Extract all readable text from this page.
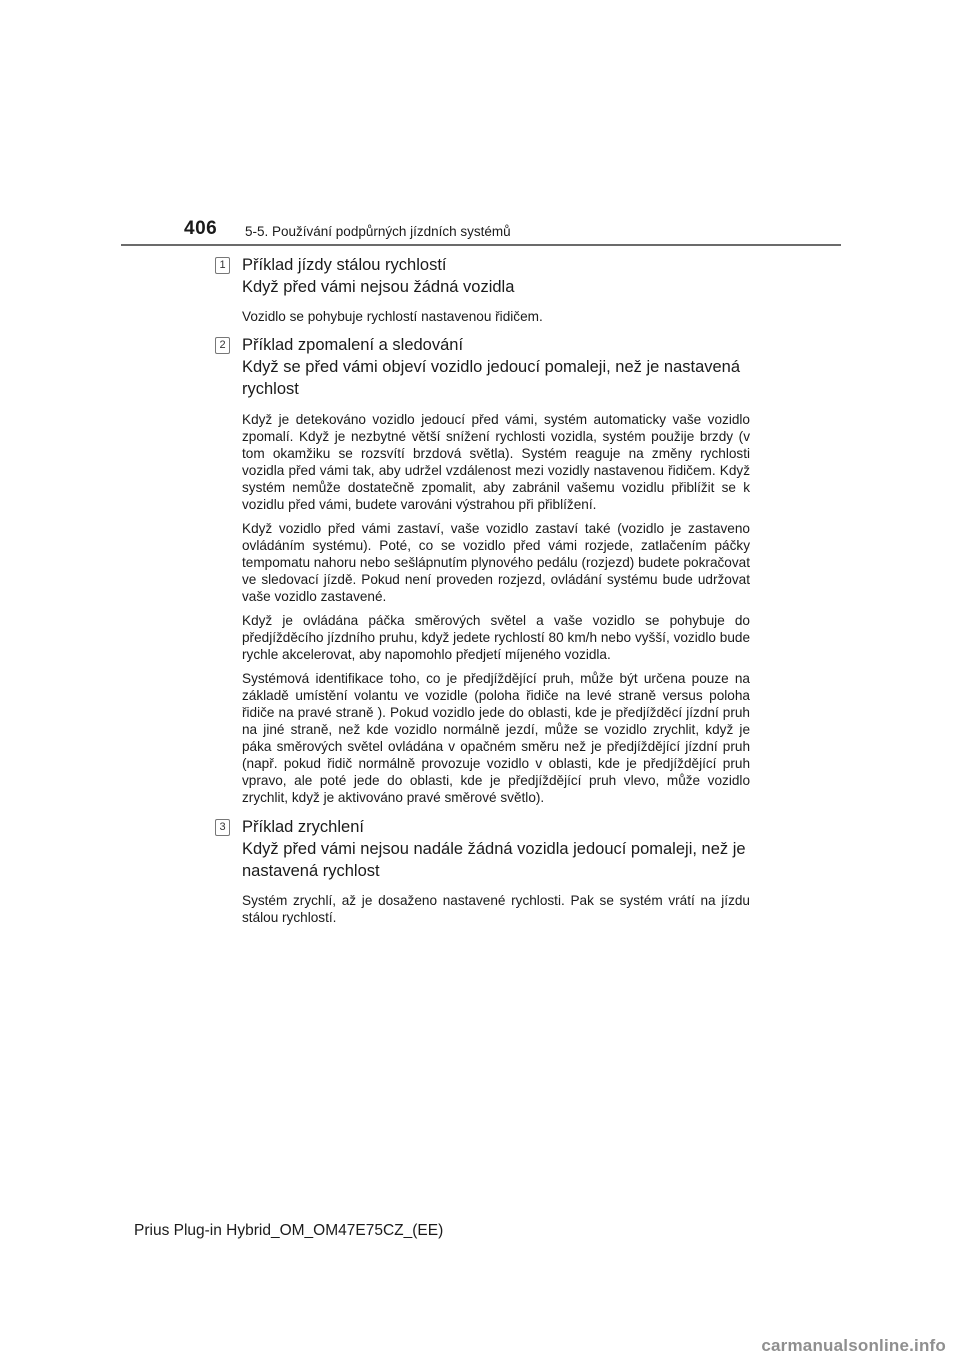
406 5-5. Používání podpůrných jízdních systémů
1 Příklad jízdy stálou rychlostí

Když před vámi nejsou žádná vozidla

Vozidlo se pohybuje rychlostí nastavenou řidičem.

2 Příklad zpomalení a sledování

Když se před vámi objeví vozidlo jedoucí pomaleji, než je nastavená rychlost

Když je detekováno vozidlo jedoucí před vámi, systém automaticky vaše vozidlo zpomalí. Když je nezbytné větší snížení rychlosti vozidla, systém použije brzdy (v tom okamžiku se rozsvítí brzdová světla). Systém reaguje na změny rychlosti vozidla před vámi tak, aby udržel vzdálenost mezi vozidly nastavenou řidičem. Když systém nemůže dostatečně zpomalit, aby zabránil vašemu vozidlu přiblížit se k vozidlu před vámi, budete varováni výstrahou při přiblížení.

Když vozidlo před vámi zastaví, vaše vozidlo zastaví také (vozidlo je zastaveno ovládáním systému). Poté, co se vozidlo před vámi rozjede, zatlačením páčky tempomatu nahoru nebo sešlápnutím plynového pedálu (rozjezd) budete pokračovat ve sledovací jízdě. Pokud není proveden rozjezd, ovládání systému bude udržovat vaše vozidlo zastavené.

Když je ovládána páčka směrových světel a vaše vozidlo se pohybuje do předjížděcího jízdního pruhu, když jedete rychlostí 80 km/h nebo vyšší, vozidlo bude rychle akcelerovat, aby napomohlo předjetí míjeného vozidla.

Systémová identifikace toho, co je předjíždějící pruh, může být určena pouze na základě umístění volantu ve vozidle (poloha řidiče na levé straně versus poloha řidiče na pravé straně ). Pokud vozidlo jede do oblasti, kde je předjížděcí jízdní pruh na jiné straně, než kde vozidlo normálně jezdí, může se vozidlo zrychlit, když je páka směrových světel ovládána v opačném směru než je předjíždějící jízdní pruh (např. pokud řidič normálně provozuje vozidlo v oblasti, kde je předjíždějící pruh vpravo, ale poté jede do oblasti, kde je předjíždějící pruh vlevo, může vozidlo zrychlit, když je aktivováno pravé směrové světlo).

3 Příklad zrychlení

Když před vámi nejsou nadále žádná vozidla jedoucí pomaleji, než je nastavená rychlost

Systém zrychlí, až je dosaženo nastavené rychlosti. Pak se systém vrátí na jízdu stálou rychlostí.

Prius Plug-in Hybrid_OM_OM47E75CZ_(EE)
carmanualsonline.info
